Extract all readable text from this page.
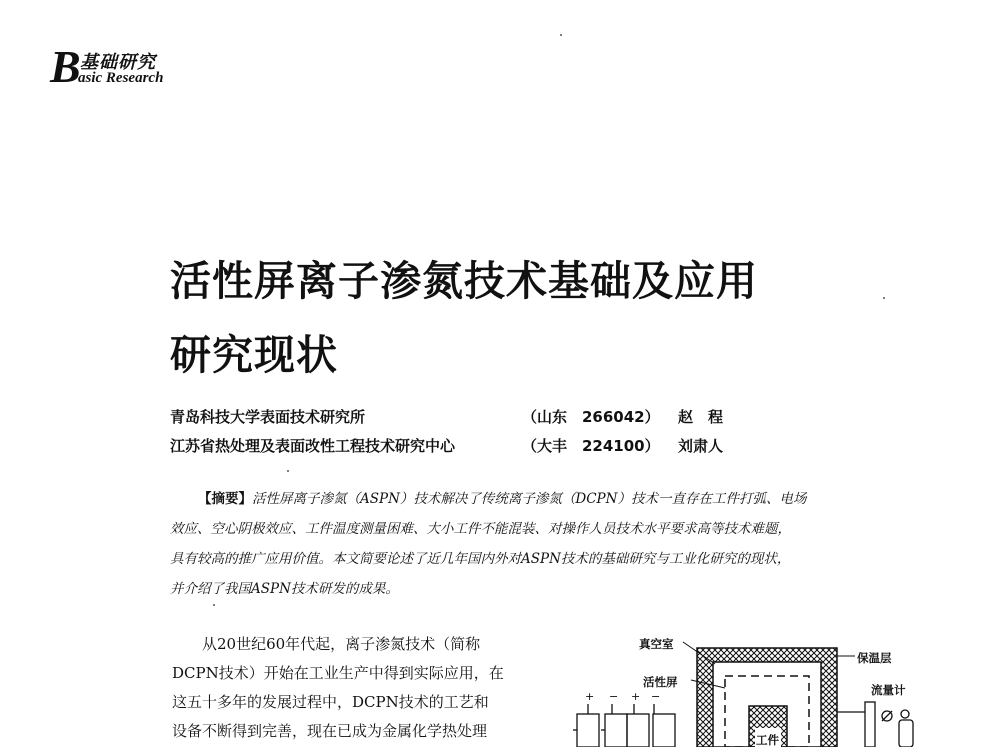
B 基础研究
asic Research
活性屏离子渗氮技术基础及应用
研究现状
青岛科技大学表面技术研究所	（山东　266042） 赵　程
江苏省热处理及表面改性工程技术研究中心	（大丰　224100） 刘肃人
【摘要】活性屏离子渗氮（ASPN）技术解决了传统离子渗氮（DCPN）技术一直存在工件打弧、电场
效应、空心阴极效应、工件温度测量困难、大小工件不能混装、对操作人员技术水平要求高等技术难题，
具有较高的推广应用价值。本文简要论述了近几年国内外对ASPN技术的基础研究与工业化研究的现状，
并介绍了我国ASPN技术研发的成果。
　　从20世纪60年代起，离子渗氮技术（简称
DCPN技术）开始在工业生产中得到实际应用，在
这五十多年的发展过程中，DCPN技术的工艺和
设备不断得到完善，现在已成为金属化学热处理
+ − + −
真空室
保温层
活性屏
流量计
工件
